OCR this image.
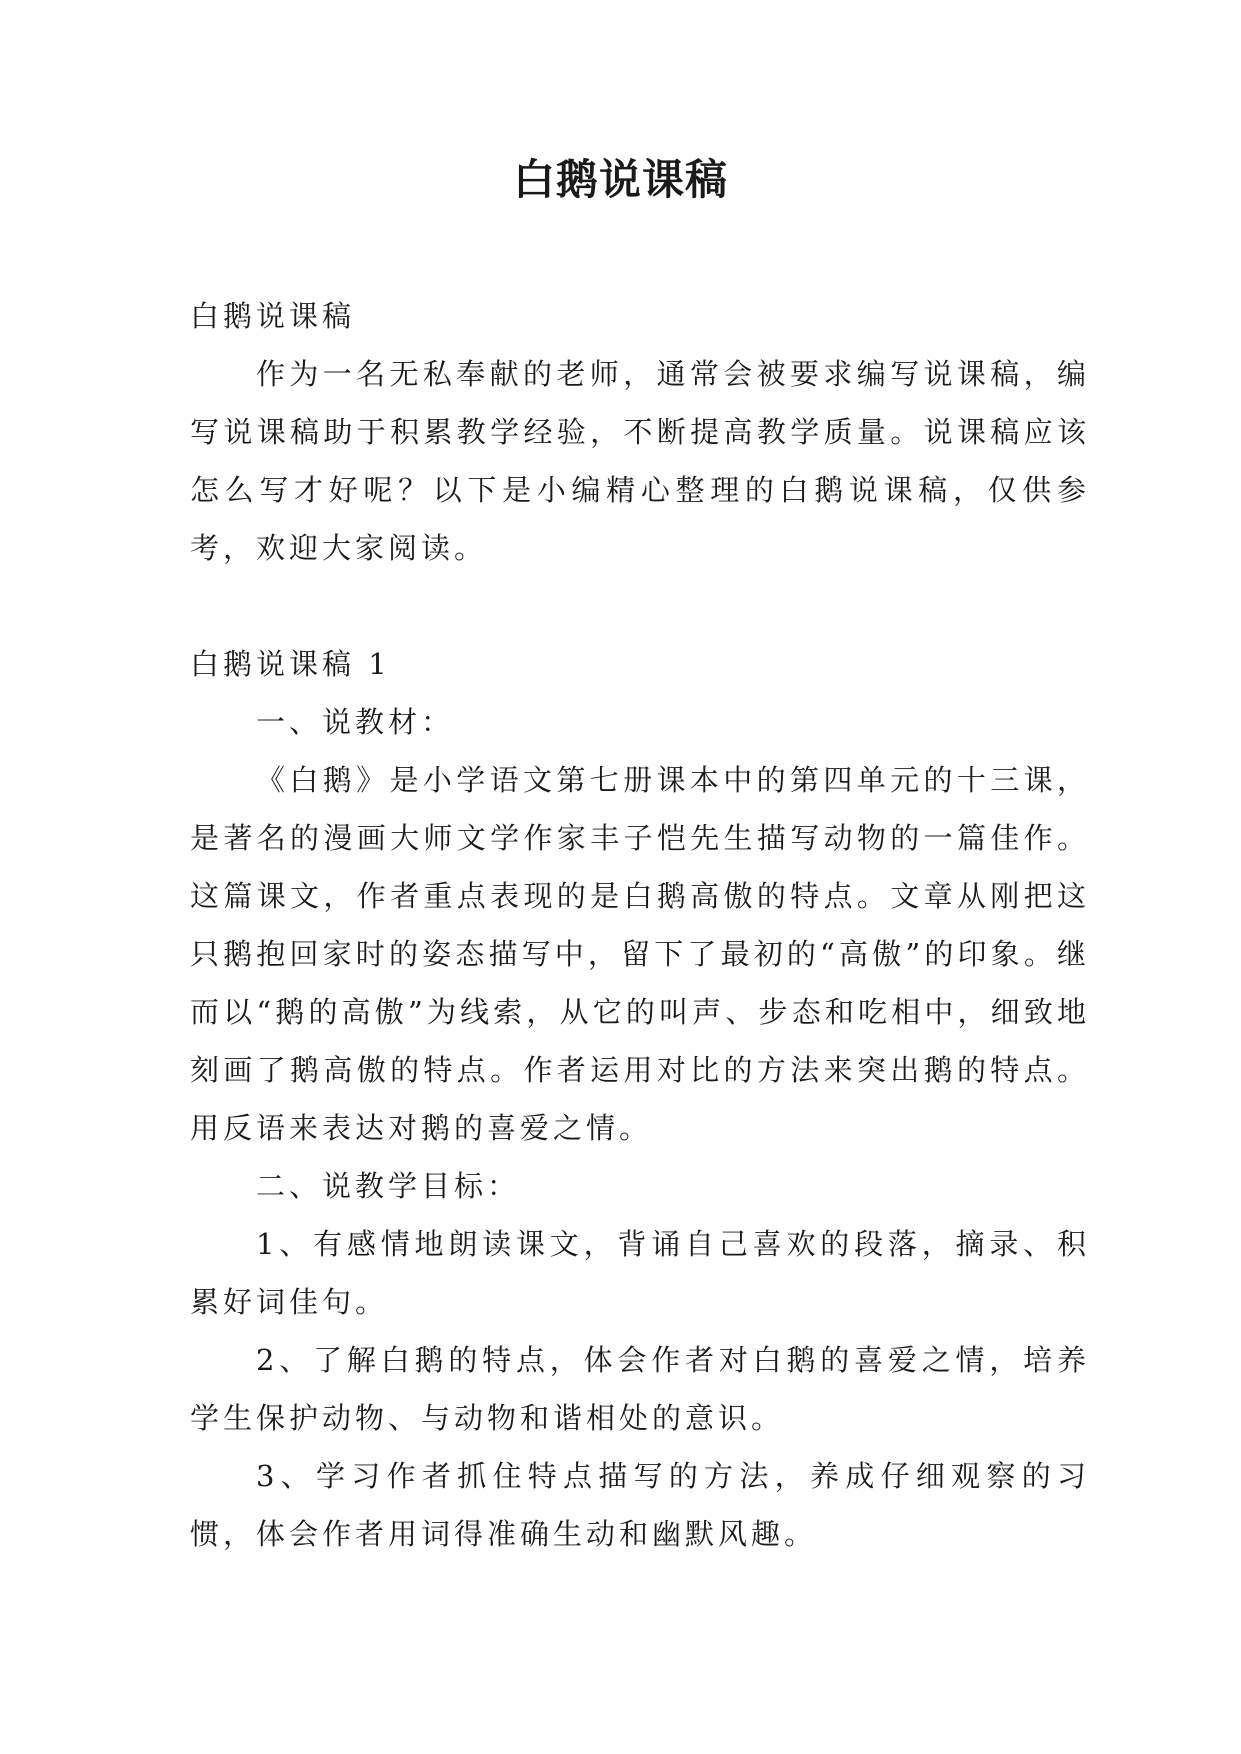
白鹅说课稿

白鹅说课稿

作为一名无私奉献的老师，通常会被要求编写说课稿，编写说课稿助于积累教学经验，不断提高教学质量。说课稿应该怎么写才好呢？以下是小编精心整理的白鹅说课稿，仅供参考，欢迎大家阅读。

白鹅说课稿 1

一、说教材：

《白鹅》是小学语文第七册课本中的第四单元的十三课，是著名的漫画大师文学作家丰子恺先生描写动物的一篇佳作。这篇课文，作者重点表现的是白鹅高傲的特点。文章从刚把这只鹅抱回家时的姿态描写中，留下了最初的“高傲”的印象。继而以“鹅的高傲”为线索，从它的叫声、步态和吃相中，细致地刻画了鹅高傲的特点。作者运用对比的方法来突出鹅的特点。用反语来表达对鹅的喜爱之情。

二、说教学目标：

1、有感情地朗读课文，背诵自己喜欢的段落，摘录、积累好词佳句。

2、了解白鹅的特点，体会作者对白鹅的喜爱之情，培养学生保护动物、与动物和谐相处的意识。

3、学习作者抓住特点描写的方法，养成仔细观察的习惯，体会作者用词得准确生动和幽默风趣。
